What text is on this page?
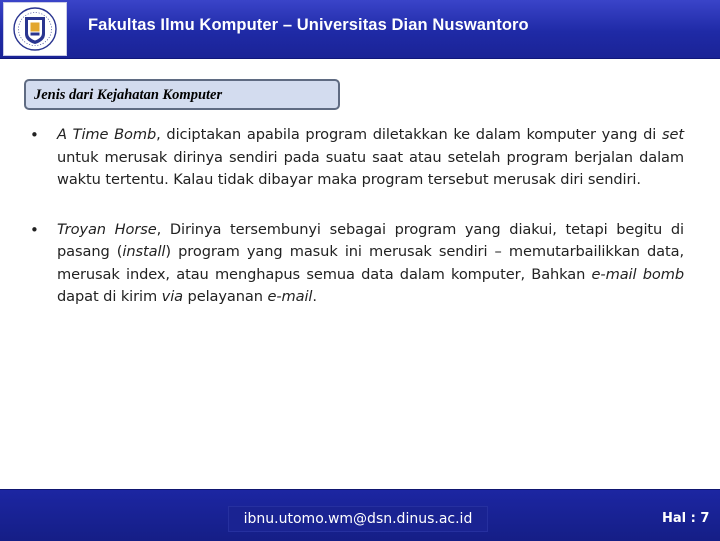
Fakultas Ilmu Komputer – Universitas Dian Nuswantoro
Jenis dari Kejahatan Komputer
• A Time Bomb, diciptakan apabila program diletakkan ke dalam komputer yang di set untuk merusak dirinya sendiri pada suatu saat atau setelah program berjalan dalam waktu tertentu. Kalau tidak dibayar maka program tersebut merusak diri sendiri.
• Troyan Horse, Dirinya tersembunyi sebagai program yang diakui, tetapi begitu di pasang (install) program yang masuk ini merusak sendiri – memutarbailikkan data, merusak index, atau menghapus semua data dalam komputer, Bahkan e-mail bomb dapat di kirim via pelayanan e-mail.
ibnu.utomo.wm@dsn.dinus.ac.id	Hal : 7
